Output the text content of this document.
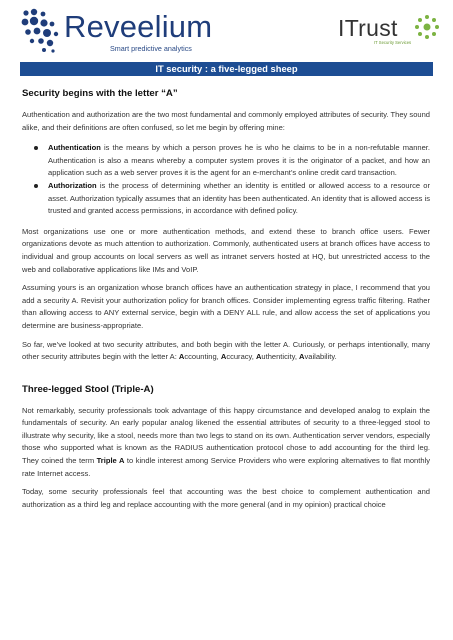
Reveelium
Smart predictive analytics
ITrust
IT Security Services
IT security : a five-legged sheep
Security begins with the letter “A”

Authentication and authorization are the two most fundamental and commonly employed attributes of security. They sound alike, and their definitions are often confused, so let me begin by offering mine:

Authentication is the means by which a person proves he is who he claims to be in a non-refutable manner. Authentication is also a means whereby a computer system proves it is the originator of a packet, and how an application such as a web server proves it is the agent for an e-merchant’s online credit card transaction.
Authorization is the process of determining whether an identity is entitled or allowed access to a resource or asset. Authorization typically assumes that an identity has been authenticated. An identity that is allowed access is trusted and granted access permissions, in accordance with defined policy.

Most organizations use one or more authentication methods, and extend these to branch office users. Fewer organizations devote as much attention to authorization. Commonly, authenticated users at branch offices have access to individual and group accounts on local servers as well as intranet servers hosted at HQ, but unrestricted access to the web and collaborative applications like IMs and VoIP.

Assuming yours is an organization whose branch offices have an authentication strategy in place, I recommend that you add a security A. Revisit your authorization policy for branch offices. Consider implementing egress traffic filtering. Rather than allowing access to ANY external service, begin with a DENY ALL rule, and allow access the set of applications you determine are business-appropriate.

So far, we’ve looked at two security attributes, and both begin with the letter A. Curiously, or perhaps intentionally, many other security attributes begin with the letter A: Accounting, Accuracy, Authenticity, Availability.

Three-legged Stool (Triple-A)

Not remarkably, security professionals took advantage of this happy circumstance and developed analog to explain the fundamentals of security. An early popular analog likened the essential attributes of security to a three-legged stool to illustrate why security, like a stool, needs more than two legs to stand on its own. Authentication server vendors, especially those who supported what is known as the RADIUS authentication protocol chose to add accounting for the third leg. They coined the term Triple A to kindle interest among Service Providers who were exploring alternatives to flat monthly rate Internet access.

Today, some security professionals feel that accounting was the best choice to complement authentication and authorization as a third leg and replace accounting with the more general (and in my opinion) practical choice
